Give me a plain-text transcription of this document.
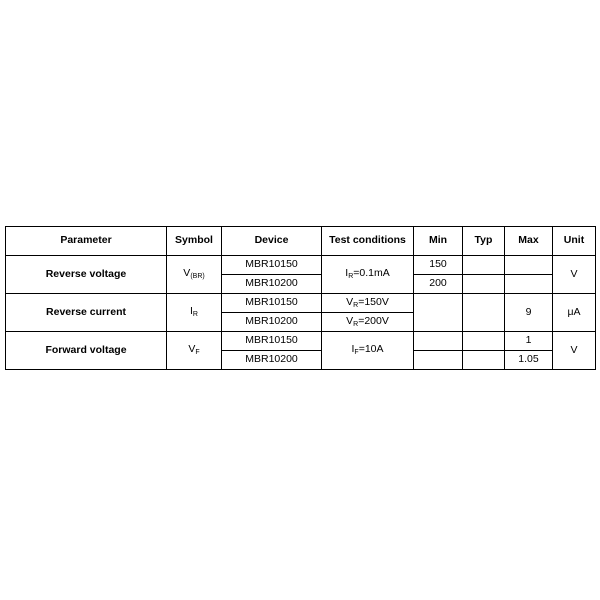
Parameter	Symbol	Device	Test conditions	Min	Typ	Max	Unit
Reverse voltage	$V_{(BR)}$	MBR10150	$I_R=0.1mA$	150			V
		MBR10200		200			
Reverse current	$I_R$	MBR10150	$V_R=150V$			9	μA
		MBR10200	$V_R=200V$				
Forward voltage	$V_F$	MBR10150	$I_F=10A$			1	V
		MBR10200				1.05	
